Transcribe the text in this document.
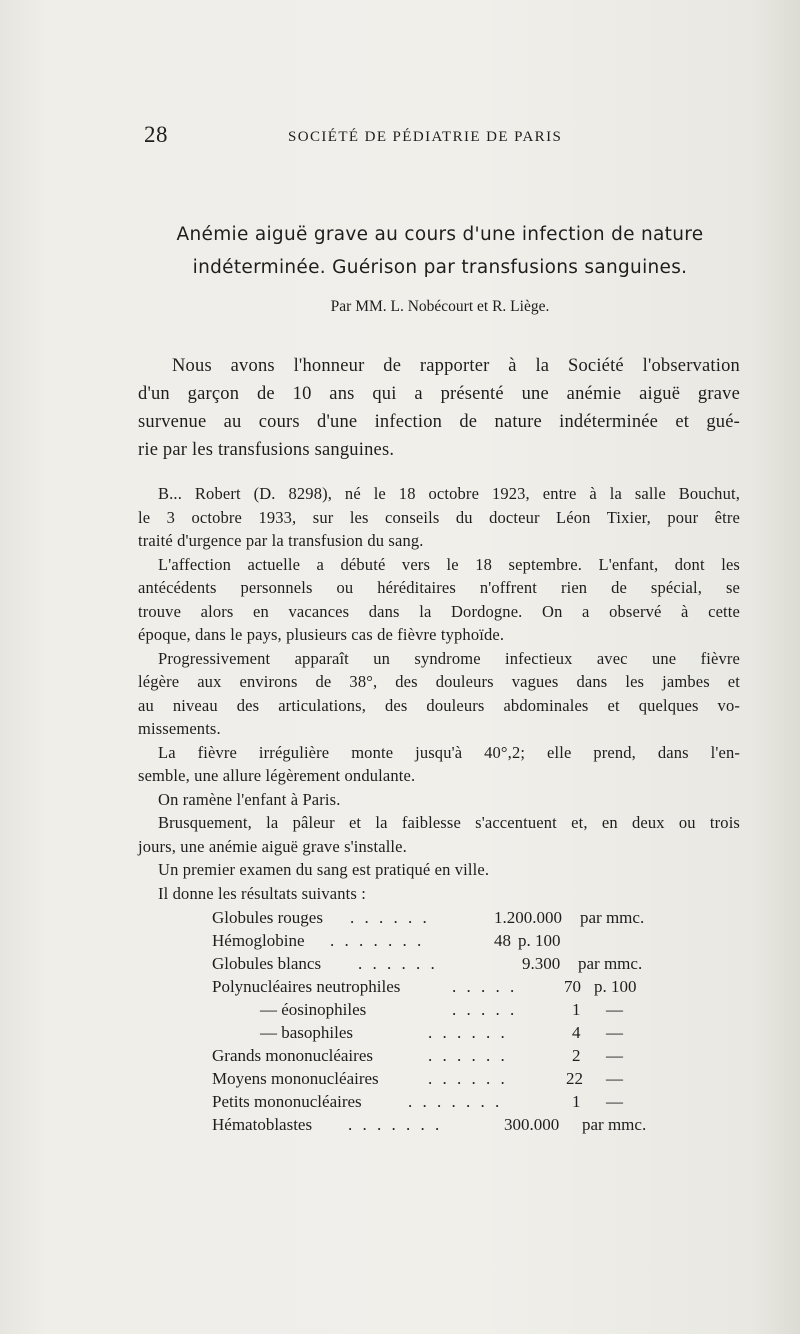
28	SOCIÉTÉ DE PÉDIATRIE DE PARIS
Anémie aiguë grave au cours d'une infection de nature
indéterminée. Guérison par transfusions sanguines.
Par MM. L. Nobécourt et R. Liège.
Nous avons l'honneur de rapporter à la Société l'observation
d'un garçon de 10 ans qui a présenté une anémie aiguë grave
survenue au cours d'une infection de nature indéterminée et gué-
rie par les transfusions sanguines.
B... Robert (D. 8298), né le 18 octobre 1923, entre à la salle Bouchut,
le 3 octobre 1933, sur les conseils du docteur Léon Tixier, pour être
traité d'urgence par la transfusion du sang.
L'affection actuelle a débuté vers le 18 septembre. L'enfant, dont les
antécédents personnels ou héréditaires n'offrent rien de spécial, se
trouve alors en vacances dans la Dordogne. On a observé à cette
époque, dans le pays, plusieurs cas de fièvre typhoïde.
Progressivement apparaît un syndrome infectieux avec une fièvre
légère aux environs de 38°, des douleurs vagues dans les jambes et
au niveau des articulations, des douleurs abdominales et quelques vo-
missements.
La fièvre irrégulière monte jusqu'à 40°,2; elle prend, dans l'en-
semble, une allure légèrement ondulante.
On ramène l'enfant à Paris.
Brusquement, la pâleur et la faiblesse s'accentuent et, en deux ou trois
jours, une anémie aiguë grave s'installe.
Un premier examen du sang est pratiqué en ville.
Il donne les résultats suivants :
Globules rouges . . . . . .	1.200.000 par mmc.
Hémoglobine . . . . . . .	48 p. 100
Globules blancs . . . . . .	9.300 par mmc.
Polynucléaires neutrophiles	. . . . .	70 p. 100
— éosinophiles	. . . . .	1 —
— basophiles	. . . . . .	4 —
Grands mononucléaires	. . . . . .	2 —
Moyens mononucléaires	. . . . . .	22 —
Petits mononucléaires	. . . . . . .	1 —
Hématoblastes . . . . . . .	300.000 par mmc.
